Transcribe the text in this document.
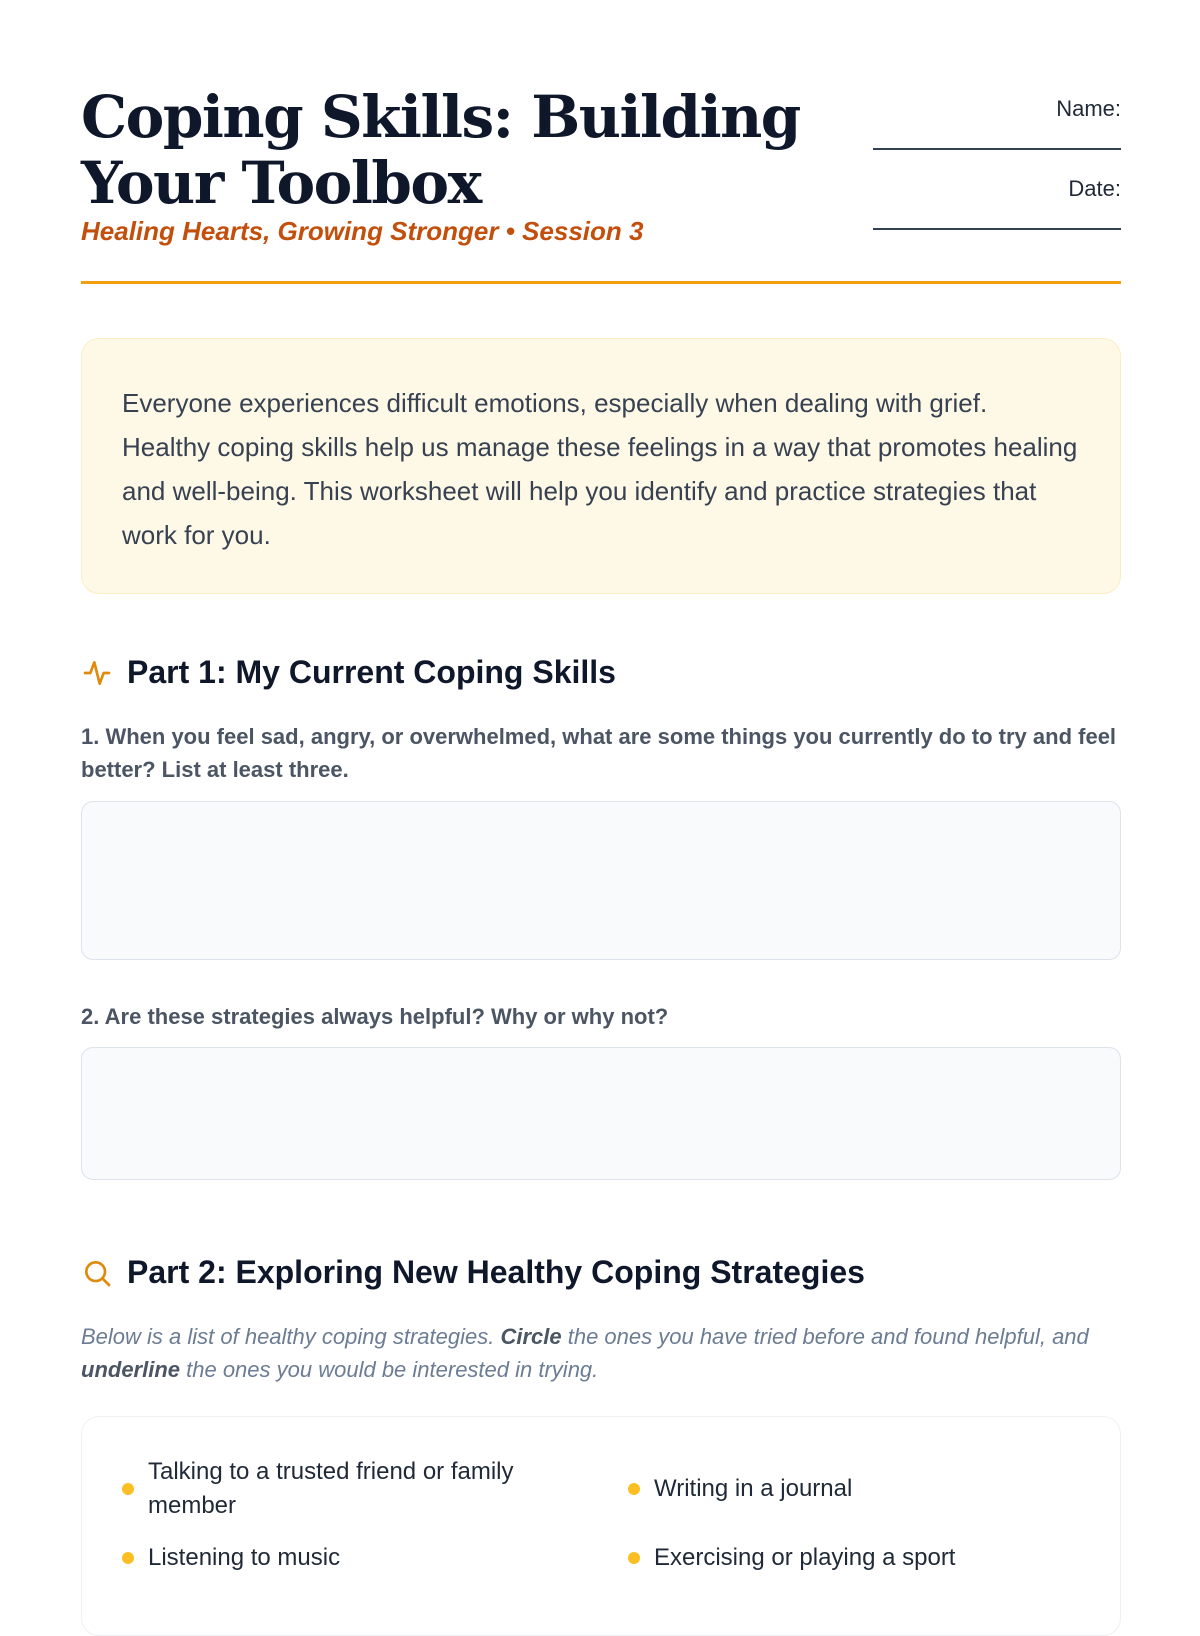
Coping Skills: Building Your Toolbox
Healing Hearts, Growing Stronger • Session 3
Name:
Date:
Everyone experiences difficult emotions, especially when dealing with grief. Healthy coping skills help us manage these feelings in a way that promotes healing and well-being. This worksheet will help you identify and practice strategies that work for you.
Part 1: My Current Coping Skills
1. When you feel sad, angry, or overwhelmed, what are some things you currently do to try and feel better? List at least three.
2. Are these strategies always helpful? Why or why not?
Part 2: Exploring New Healthy Coping Strategies
Below is a list of healthy coping strategies. Circle the ones you have tried before and found helpful, and underline the ones you would be interested in trying.
Talking to a trusted friend or family member
Writing in a journal
Listening to music	Exercising or playing a sport
